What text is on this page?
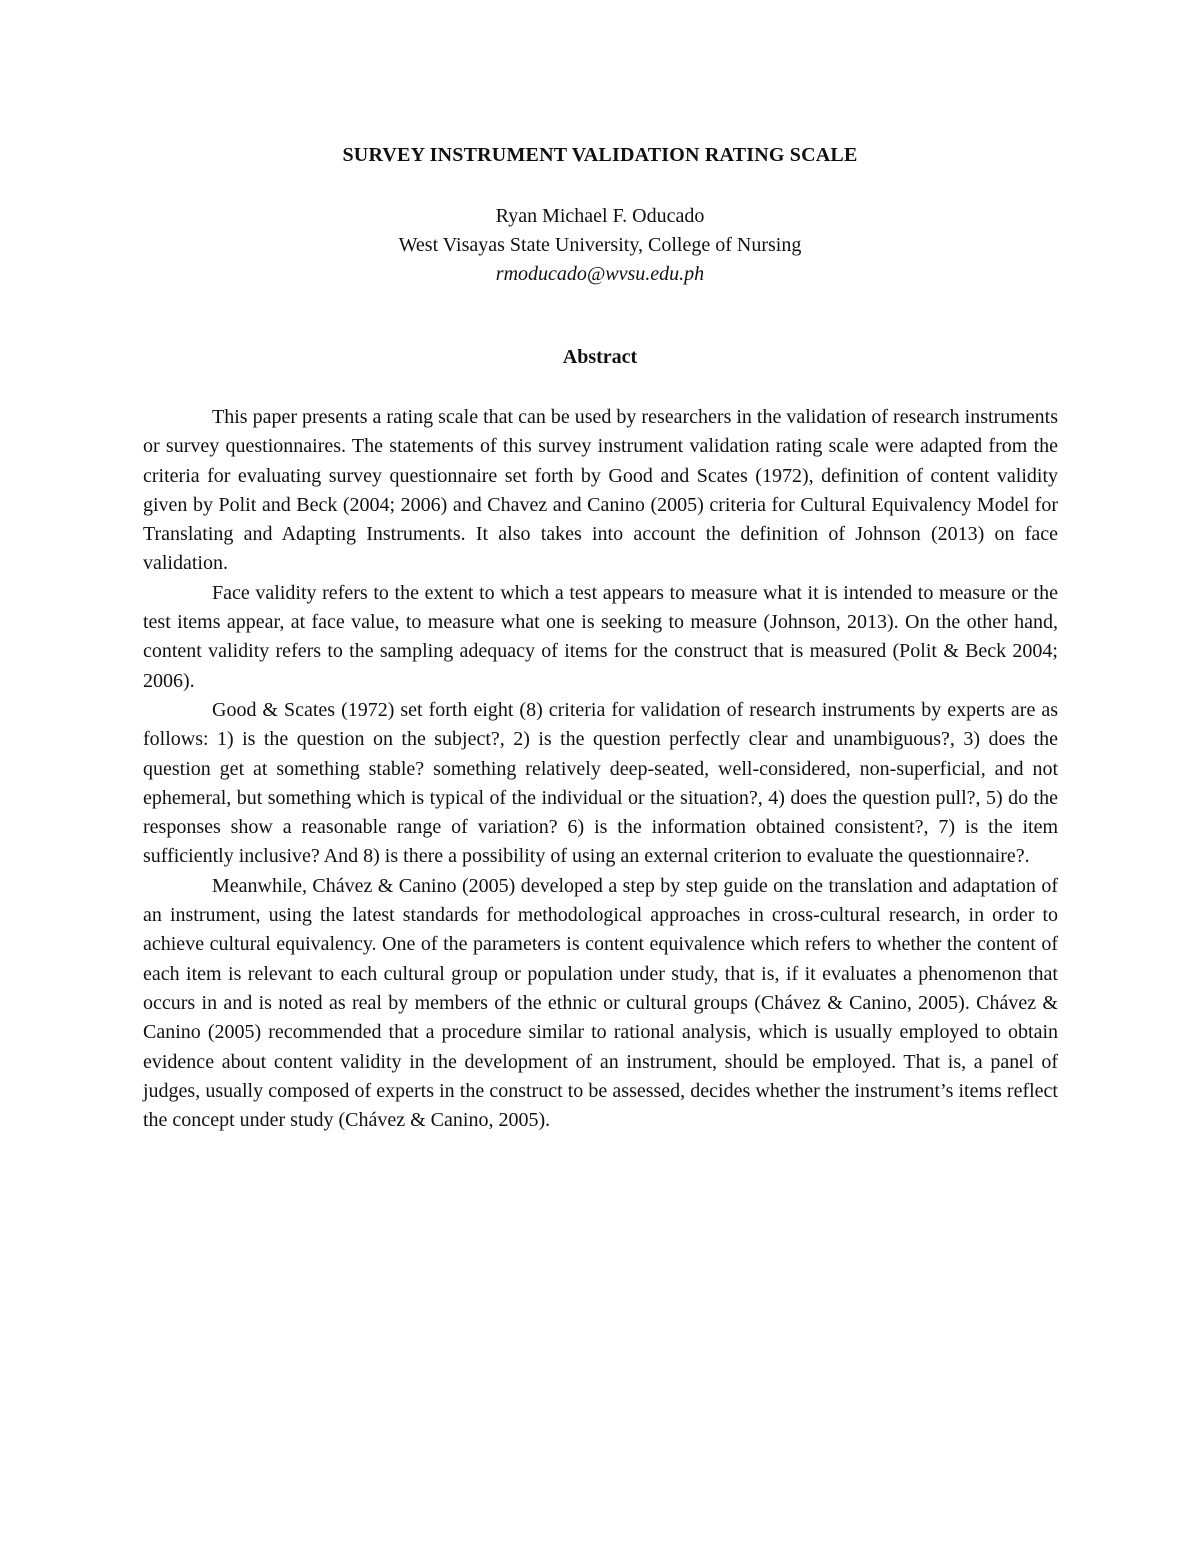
SURVEY INSTRUMENT VALIDATION RATING SCALE
Ryan Michael F. Oducado
West Visayas State University, College of Nursing
rmoducado@wvsu.edu.ph
Abstract

This paper presents a rating scale that can be used by researchers in the validation of research instruments or survey questionnaires. The statements of this survey instrument validation rating scale were adapted from the criteria for evaluating survey questionnaire set forth by Good and Scates (1972), definition of content validity given by Polit and Beck (2004; 2006) and Chavez and Canino (2005) criteria for Cultural Equivalency Model for Translating and Adapting Instruments. It also takes into account the definition of Johnson (2013) on face validation.

Face validity refers to the extent to which a test appears to measure what it is intended to measure or the test items appear, at face value, to measure what one is seeking to measure (Johnson, 2013). On the other hand, content validity refers to the sampling adequacy of items for the construct that is measured (Polit & Beck 2004; 2006).

Good & Scates (1972) set forth eight (8) criteria for validation of research instruments by experts are as follows: 1) is the question on the subject?, 2) is the question perfectly clear and unambiguous?, 3) does the question get at something stable? something relatively deep-seated, well-considered, non-superficial, and not ephemeral, but something which is typical of the individual or the situation?, 4) does the question pull?, 5) do the responses show a reasonable range of variation? 6) is the information obtained consistent?, 7) is the item sufficiently inclusive? And 8) is there a possibility of using an external criterion to evaluate the questionnaire?.

Meanwhile, Chávez & Canino (2005) developed a step by step guide on the translation and adaptation of an instrument, using the latest standards for methodological approaches in cross-cultural research, in order to achieve cultural equivalency. One of the parameters is content equivalence which refers to whether the content of each item is relevant to each cultural group or population under study, that is, if it evaluates a phenomenon that occurs in and is noted as real by members of the ethnic or cultural groups (Chávez & Canino, 2005). Chávez & Canino (2005) recommended that a procedure similar to rational analysis, which is usually employed to obtain evidence about content validity in the development of an instrument, should be employed. That is, a panel of judges, usually composed of experts in the construct to be assessed, decides whether the instrument’s items reflect the concept under study (Chávez & Canino, 2005).
